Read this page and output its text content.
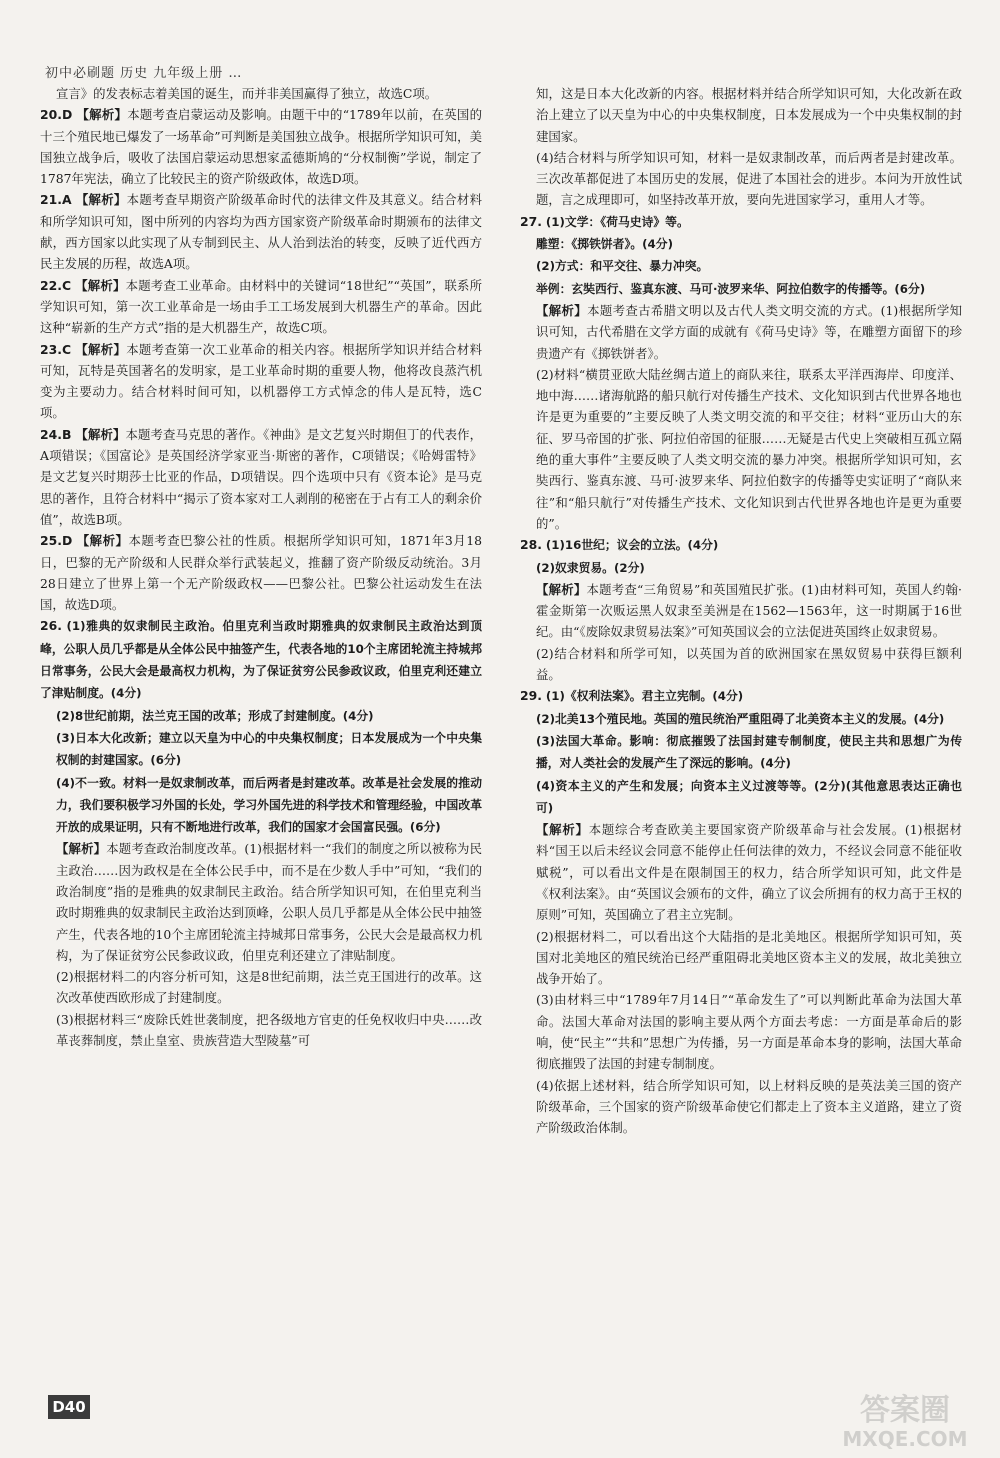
初中必刷题 历史 九年级上册 …

宣言》的发表标志着美国的诞生，而并非美国赢得了独立，故选C项。

20.D 【解析】本题考查启蒙运动及影响。由题干中的“1789年以前，在英国的十三个殖民地已爆发了一场革命”可判断是美国独立战争。根据所学知识可知，美国独立战争后，吸收了法国启蒙运动思想家孟德斯鸠的“分权制衡”学说，制定了1787年宪法，确立了比较民主的资产阶级政体，故选D项。

21.A 【解析】本题考查早期资产阶级革命时代的法律文件及其意义。结合材料和所学知识可知，图中所列的内容均为西方国家资产阶级革命时期颁布的法律文献，西方国家以此实现了从专制到民主、从人治到法治的转变，反映了近代西方民主发展的历程，故选A项。

22.C 【解析】本题考查工业革命。由材料中的关键词“18世纪”“英国”，联系所学知识可知，第一次工业革命是一场由手工工场发展到大机器生产的革命。因此这种“崭新的生产方式”指的是大机器生产，故选C项。

23.C 【解析】本题考查第一次工业革命的相关内容。根据所学知识并结合材料可知，瓦特是英国著名的发明家，是工业革命时期的重要人物，他将改良蒸汽机变为主要动力。结合材料时间可知，以机器停工方式悼念的伟人是瓦特，选C项。

24.B 【解析】本题考查马克思的著作。《神曲》是文艺复兴时期但丁的代表作，A项错误；《国富论》是英国经济学家亚当·斯密的著作，C项错误；《哈姆雷特》是文艺复兴时期莎士比亚的作品，D项错误。四个选项中只有《资本论》是马克思的著作，且符合材料中“揭示了资本家对工人剥削的秘密在于占有工人的剩余价值”，故选B项。

25.D 【解析】本题考查巴黎公社的性质。根据所学知识可知，1871年3月18日，巴黎的无产阶级和人民群众举行武装起义，推翻了资产阶级反动统治。3月28日建立了世界上第一个无产阶级政权——巴黎公社。巴黎公社运动发生在法国，故选D项。

26. (1)雅典的奴隶制民主政治。伯里克利当政时期雅典的奴隶制民主政治达到顶峰，公职人员几乎都是从全体公民中抽签产生，代表各地的10个主席团轮流主持城邦日常事务，公民大会是最高权力机构，为了保证贫穷公民参政议政，伯里克利还建立了津贴制度。(4分)

(2)8世纪前期，法兰克王国的改革；形成了封建制度。(4分)

(3)日本大化改新；建立以天皇为中心的中央集权制度；日本发展成为一个中央集权制的封建国家。(6分)

(4)不一致。材料一是奴隶制改革，而后两者是封建改革。改革是社会发展的推动力，我们要积极学习外国的长处，学习外国先进的科学技术和管理经验，中国改革开放的成果证明，只有不断地进行改革，我们的国家才会国富民强。(6分)

【解析】本题考查政治制度改革。(1)根据材料一“我们的制度之所以被称为民主政治……因为政权是在全体公民手中，而不是在少数人手中”可知，“我们的政治制度”指的是雅典的奴隶制民主政治。结合所学知识可知，在伯里克利当政时期雅典的奴隶制民主政治达到顶峰，公职人员几乎都是从全体公民中抽签产生，代表各地的10个主席团轮流主持城邦日常事务，公民大会是最高权力机构，为了保证贫穷公民参政议政，伯里克利还建立了津贴制度。

(2)根据材料二的内容分析可知，这是8世纪前期，法兰克王国进行的改革。这次改革使西欧形成了封建制度。

(3)根据材料三“废除氏姓世袭制度，把各级地方官吏的任免权收归中央……改革丧葬制度，禁止皇室、贵族营造大型陵墓”可

知，这是日本大化改新的内容。根据材料并结合所学知识可知，大化改新在政治上建立了以天皇为中心的中央集权制度，日本发展成为一个中央集权制的封建国家。

(4)结合材料与所学知识可知，材料一是奴隶制改革，而后两者是封建改革。三次改革都促进了本国历史的发展，促进了本国社会的进步。本问为开放性试题，言之成理即可，如坚持改革开放，要向先进国家学习，重用人才等。

27. (1)文学：《荷马史诗》等。

雕塑：《掷铁饼者》。(4分)

(2)方式：和平交往、暴力冲突。

举例：玄奘西行、鉴真东渡、马可·波罗来华、阿拉伯数字的传播等。(6分)

【解析】本题考查古希腊文明以及古代人类文明交流的方式。(1)根据所学知识可知，古代希腊在文学方面的成就有《荷马史诗》等，在雕塑方面留下的珍贵遗产有《掷铁饼者》。

(2)材料“横贯亚欧大陆丝绸古道上的商队来往，联系太平洋西海岸、印度洋、地中海……诸海航路的船只航行对传播生产技术、文化知识到古代世界各地也许是更为重要的”主要反映了人类文明交流的和平交往；材料“亚历山大的东征、罗马帝国的扩张、阿拉伯帝国的征服……无疑是古代史上突破相互孤立隔绝的重大事件”主要反映了人类文明交流的暴力冲突。根据所学知识可知，玄奘西行、鉴真东渡、马可·波罗来华、阿拉伯数字的传播等史实证明了“商队来往”和“船只航行”对传播生产技术、文化知识到古代世界各地也许是更为重要的”。

28. (1)16世纪；议会的立法。(4分)

(2)奴隶贸易。(2分)

【解析】本题考查“三角贸易”和英国殖民扩张。(1)由材料可知，英国人约翰·霍金斯第一次贩运黑人奴隶至美洲是在1562—1563年，这一时期属于16世纪。由“《废除奴隶贸易法案》”可知英国议会的立法促进英国终止奴隶贸易。

(2)结合材料和所学可知，以英国为首的欧洲国家在黑奴贸易中获得巨额利益。

29. (1)《权利法案》。君主立宪制。(4分)

(2)北美13个殖民地。英国的殖民统治严重阻碍了北美资本主义的发展。(4分)

(3)法国大革命。影响：彻底摧毁了法国封建专制制度，使民主共和思想广为传播，对人类社会的发展产生了深远的影响。(4分)

(4)资本主义的产生和发展；向资本主义过渡等等。(2分)(其他意思表达正确也可)

【解析】本题综合考查欧美主要国家资产阶级革命与社会发展。(1)根据材料“国王以后未经议会同意不能停止任何法律的效力，不经议会同意不能征收赋税”，可以看出文件是在限制国王的权力，结合所学知识可知，此文件是《权利法案》。由“英国议会颁布的文件，确立了议会所拥有的权力高于王权的原则”可知，英国确立了君主立宪制。

(2)根据材料二，可以看出这个大陆指的是北美地区。根据所学知识可知，英国对北美地区的殖民统治已经严重阻碍北美地区资本主义的发展，故北美独立战争开始了。

(3)由材料三中“1789年7月14日”“革命发生了”可以判断此革命为法国大革命。法国大革命对法国的影响主要从两个方面去考虑：一方面是革命后的影响，使“民主”“共和”思想广为传播，另一方面是革命本身的影响，法国大革命彻底摧毁了法国的封建专制制度。

(4)依据上述材料，结合所学知识可知，以上材料反映的是英法美三国的资产阶级革命，三个国家的资产阶级革命使它们都走上了资本主义道路，建立了资产阶级政治体制。

D40	答案圈
MXQE.COM
